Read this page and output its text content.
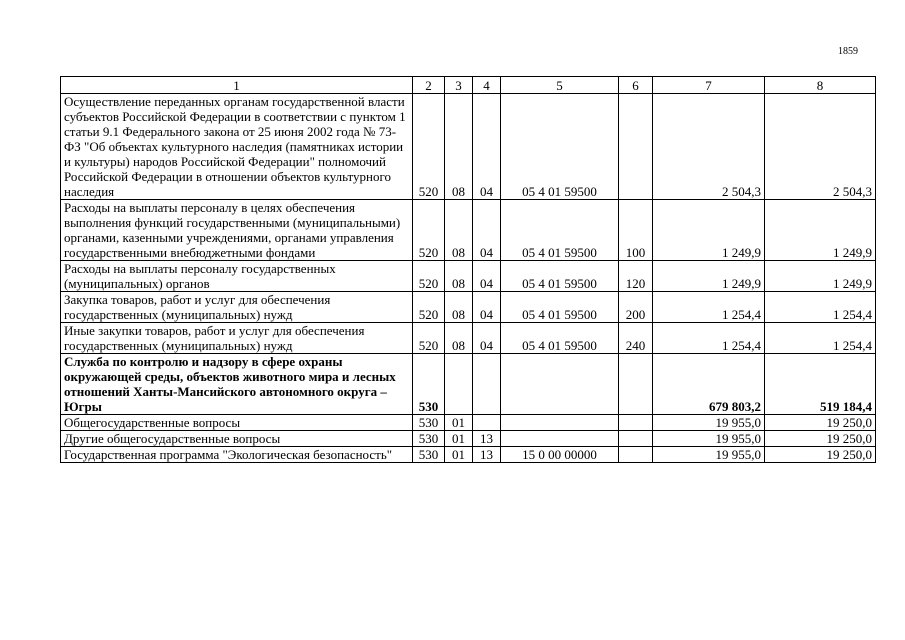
1859
1	2	3	4	5	6	7	8
Осуществление переданных органам государственной власти субъектов Российской Федерации в соответствии с пунктом 1 статьи 9.1 Федерального закона от 25 июня 2002 года № 73-ФЗ "Об объектах культурного наследия (памятниках истории и культуры) народов Российской Федерации" полномочий Российской Федерации в отношении объектов культурного наследия	520	08	04	05 4 01 59500		2 504,3	2 504,3
Расходы на выплаты персоналу в целях обеспечения выполнения функций государственными (муниципальными) органами, казенными учреждениями, органами управления государственными внебюджетными фондами	520	08	04	05 4 01 59500	100	1 249,9	1 249,9
Расходы на выплаты персоналу государственных (муниципальных) органов	520	08	04	05 4 01 59500	120	1 249,9	1 249,9
Закупка товаров, работ и услуг для обеспечения государственных (муниципальных) нужд	520	08	04	05 4 01 59500	200	1 254,4	1 254,4
Иные закупки товаров, работ и услуг для обеспечения государственных (муниципальных) нужд	520	08	04	05 4 01 59500	240	1 254,4	1 254,4
Служба по контролю и надзору в сфере охраны окружающей среды, объектов животного мира и лесных отношений Ханты-Мансийского автономного округа – Югры	530					679 803,2	519 184,4
Общегосударственные вопросы	530	01				19 955,0	19 250,0
Другие общегосударственные вопросы	530	01	13			19 955,0	19 250,0
Государственная программа "Экологическая безопасность"	530	01	13	15 0 00 00000		19 955,0	19 250,0
